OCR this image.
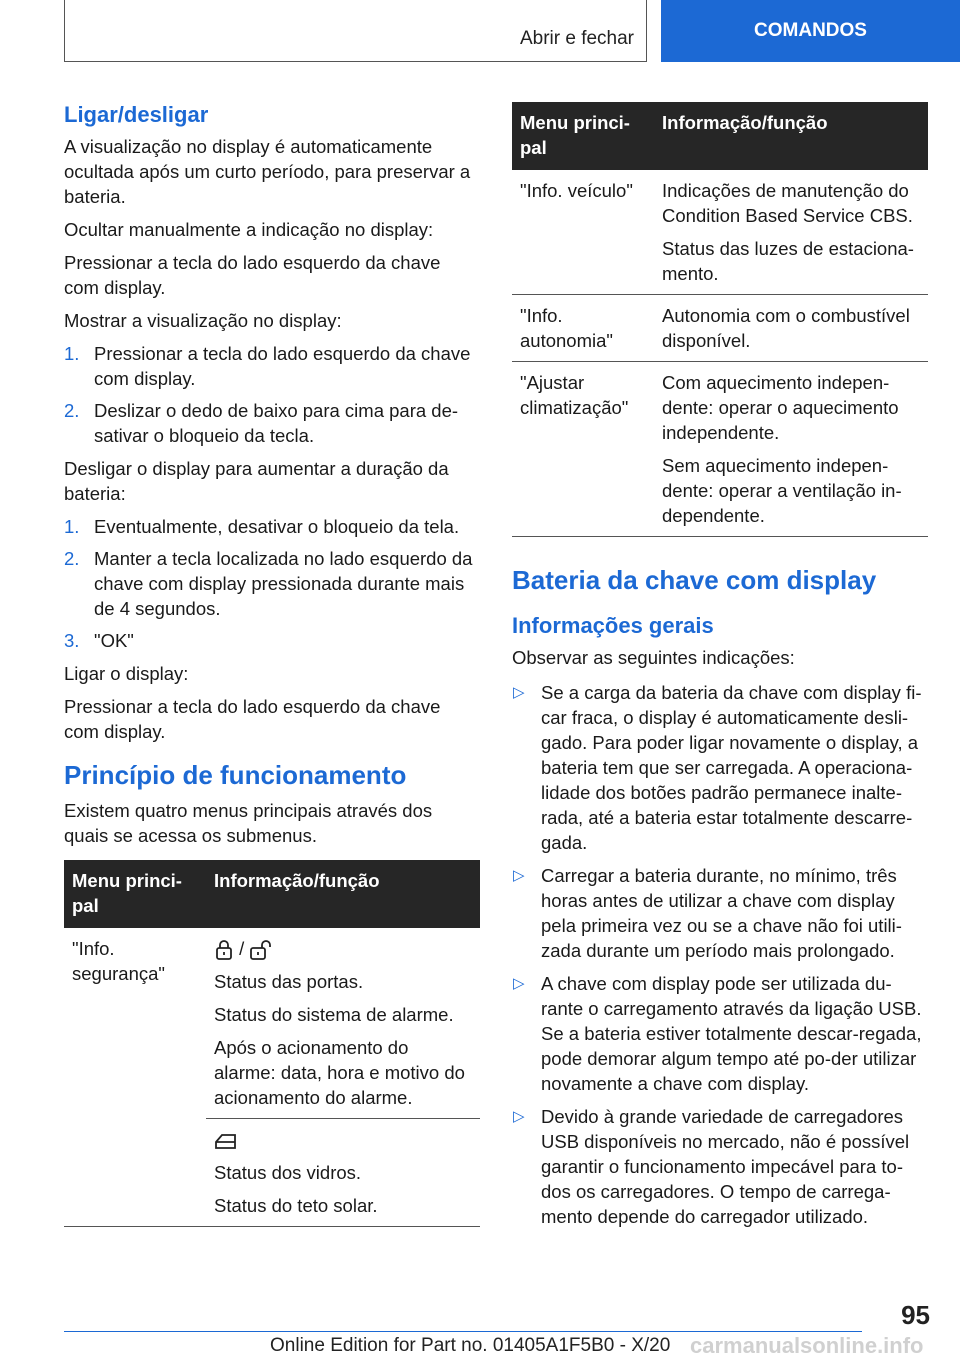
Abrir e fechar	COMANDOS
Ligar/desligar

A visualização no display é automaticamente ocultada após um curto período, para preservar a bateria.

Ocultar manualmente a indicação no display:

Pressionar a tecla do lado esquerdo da chave com display.

Mostrar a visualização no display:

1. Pressionar a tecla do lado esquerdo da chave com display.
2. Deslizar o dedo de baixo para cima para de-sativar o bloqueio da tecla.

Desligar o display para aumentar a duração da bateria:

1. Eventualmente, desativar o bloqueio da tela.
2. Manter a tecla localizada no lado esquerdo da chave com display pressionada durante mais de 4 segundos.
3. "OK"

Ligar o display:

Pressionar a tecla do lado esquerdo da chave com display.

Princípio de funcionamento

Existem quatro menus principais através dos quais se acessa os submenus.

Menu princi-pal	Informação/função
"Info. segurança"	/

Status das portas.

Status do sistema de alarme.

Após o acionamento do alarme: data, hora e motivo do acionamento do alarme.

	Status dos vidros.

Status do teto solar.

Menu princi-pal	Informação/função
"Info. veículo"	Indicações de manutenção do Condition Based Service CBS.

Status das luzes de estaciona-mento.

"Info. autonomia"	Autonomia com o combustível disponível.

"Ajustar climatização"	Com aquecimento indepen-dente: operar o aquecimento independente.

Sem aquecimento indepen-dente: operar a ventilação in-dependente.

Bateria da chave com display
Informações gerais

Observar as seguintes indicações:

▷ Se a carga da bateria da chave com display fi-car fraca, o display é automaticamente desli-gado. Para poder ligar novamente o display, a bateria tem que ser carregada. A operaciona-lidade dos botões padrão permanece inalte-rada, até a bateria estar totalmente descarre-gada.
▷ Carregar a bateria durante, no mínimo, três horas antes de utilizar a chave com display pela primeira vez ou se a chave não foi utili-zada durante um período mais prolongado.
▷ A chave com display pode ser utilizada du-rante o carregamento através da ligação USB. Se a bateria estiver totalmente descar-regada, pode demorar algum tempo até po-der utilizar novamente a chave com display.
▷ Devido à grande variedade de carregadores USB disponíveis no mercado, não é possível garantir o funcionamento impecável para to-dos os carregadores. O tempo de carrega-mento depende do carregador utilizado.
95
Online Edition for Part no. 01405A1F5B0 - X/20 carmanualsonline.info
